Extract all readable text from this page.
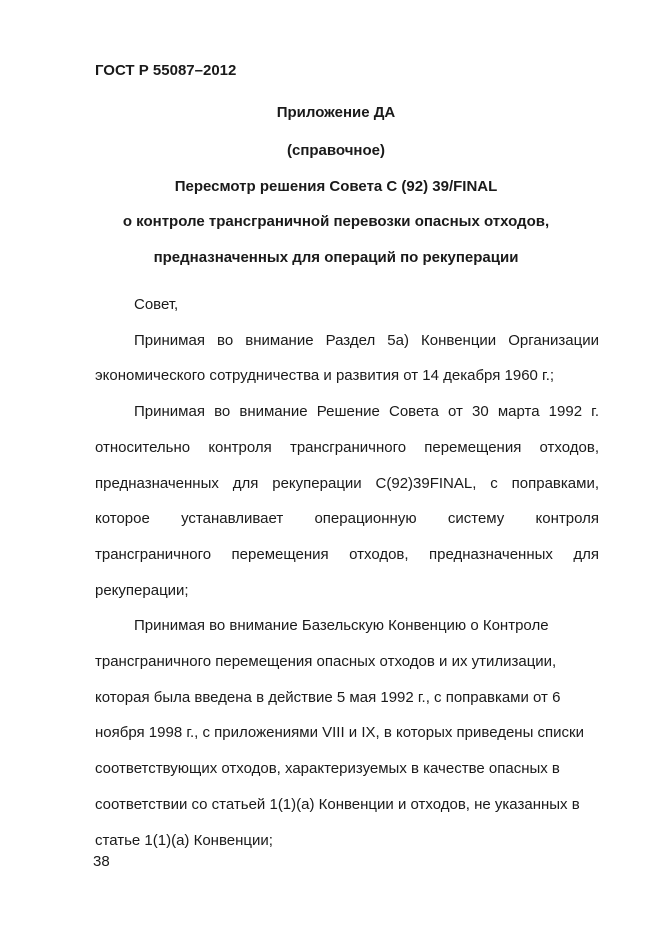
ГОСТ Р 55087–2012
Приложение ДА
(справочное)
Пересмотр решения Совета С (92) 39/FINAL
о контроле трансграничной перевозки опасных отходов,
предназначенных для операций по рекуперации

Совет,

Принимая во внимание Раздел 5а) Конвенции Организации экономического сотрудничества и развития от 14 декабря 1960 г.;

Принимая во внимание Решение Совета от 30 марта 1992 г. относительно контроля трансграничного перемещения отходов, предназначенных для рекуперации С(92)39FINAL, с поправками, которое устанавливает операционную систему контроля трансграничного перемещения отходов, предназначенных для рекуперации;

Принимая во внимание Базельскую Конвенцию о Контроле трансграничного перемещения опасных отходов и их утилизации, которая была введена в действие 5 мая 1992 г., с поправками от 6 ноября 1998 г., с приложениями VIII и IX, в которых приведены списки соответствующих отходов, характеризуемых в качестве опасных в соответствии со статьей 1(1)(а) Конвенции и отходов, не указанных в статье 1(1)(а) Конвенции;

38
